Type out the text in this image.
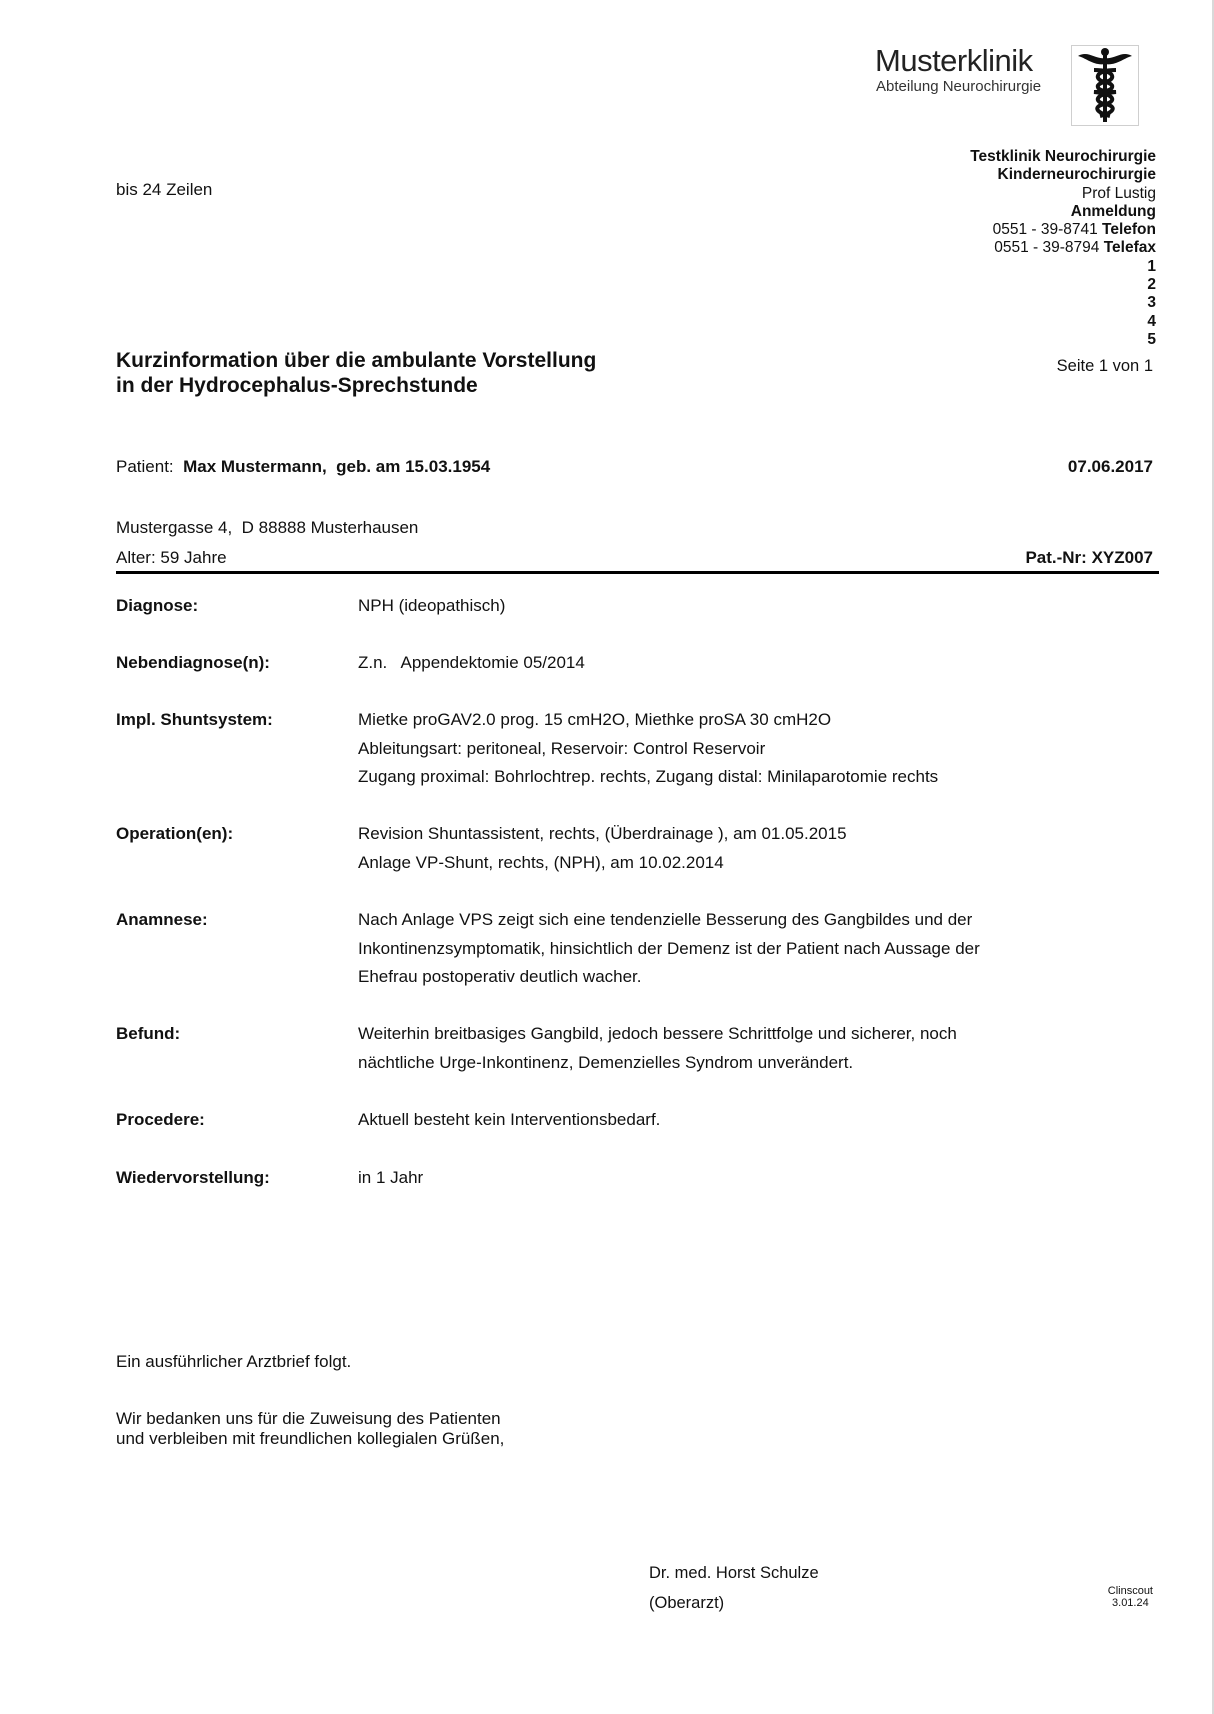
Musterklinik
Abteilung Neurochirurgie
bis 24 Zeilen
Testklinik Neurochirurgie
Kinderneurochirurgie
Prof Lustig
Anmeldung
0551 - 39-8741 Telefon
0551 - 39-8794 Telefax
1
2
3
4
5
Kurzinformation über die ambulante Vorstellung
in der Hydrocephalus-Sprechstunde
Seite 1 von 1
Patient: Max Mustermann,  geb. am 15.03.1954	07.06.2017
Mustergasse 4,  D 88888 Musterhausen
Alter: 59 Jahre	Pat.-Nr: XYZ007
Diagnose:	NPH (ideopathisch)
Nebendiagnose(n):	Z.n.   Appendektomie 05/2014
Impl. Shuntsystem:	Mietke proGAV2.0 prog. 15 cmH2O, Miethke proSA 30 cmH2O
Ableitungsart: peritoneal, Reservoir: Control Reservoir
Zugang proximal: Bohrlochtrep. rechts, Zugang distal: Minilaparotomie rechts
Operation(en):	Revision Shuntassistent, rechts, (Überdrainage ), am 01.05.2015
Anlage VP-Shunt, rechts, (NPH), am 10.02.2014
Anamnese:	Nach Anlage VPS zeigt sich eine tendenzielle Besserung des Gangbildes und der
Inkontinenzsymptomatik, hinsichtlich der Demenz ist der Patient nach Aussage der
Ehefrau postoperativ deutlich wacher.
Befund:	Weiterhin breitbasiges Gangbild, jedoch bessere Schrittfolge und sicherer, noch
nächtliche Urge-Inkontinenz, Demenzielles Syndrom unverändert.
Procedere:	Aktuell besteht kein Interventionsbedarf.
Wiedervorstellung:	in 1 Jahr
Ein ausführlicher Arztbrief folgt.
Wir bedanken uns für die Zuweisung des Patienten
und verbleiben mit freundlichen kollegialen Grüßen,
Dr. med. Horst Schulze
(Oberarzt)
Clinscout
3.01.24
